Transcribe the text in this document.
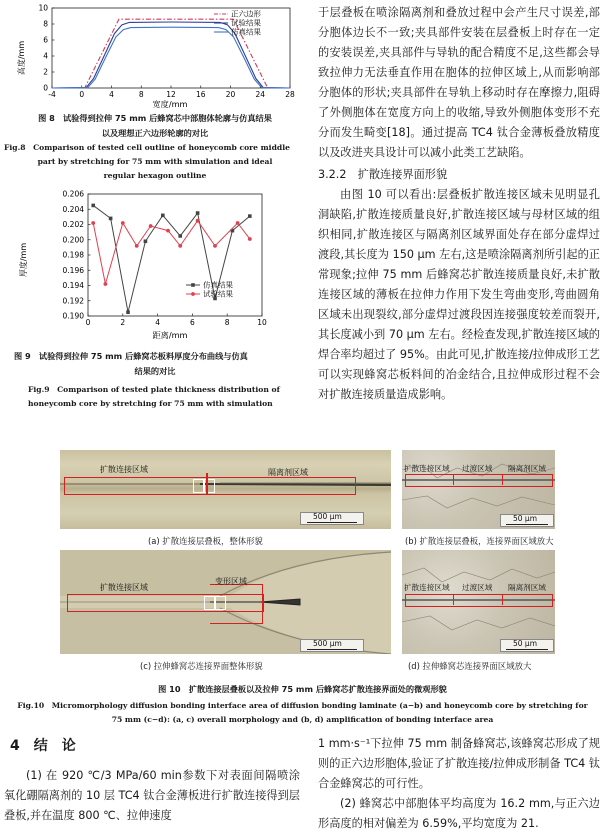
-4	0	4	8	12	16	20	24	28
0
2
4
6
8
10
正六边形
试验结果
仿真结果
高度/mm
宽度/mm
图 8　试验得到拉伸 75 mm 后蜂窝芯中部胞体轮廓与仿真结果
以及理想正六边形轮廓的对比
Fig.8　Comparison of tested cell outline of honeycomb core middle
part by stretching for 75 mm with simulation and ideal
regular hexagon outline
0	2	4	6	8	10
0.190
0.192
0.194
0.196
0.198
0.200
0.202
0.204
0.206
仿真结果
试验结果
厚度/mm
距离/mm
图 9　试验得到拉伸 75 mm 后蜂窝芯板料厚度分布曲线与仿真
结果的对比
Fig.9　Comparison of tested plate thickness distribution of
honeycomb core by stretching for 75 mm with simulation

于层叠板在喷涂隔离剂和叠放过程中会产生尺寸误差,部分胞体边长不一致;夹具部件安装在层叠板上时存在一定的安装误差,夹具部件与导轨的配合精度不足,这些都会导致拉伸力无法垂直作用在胞体的拉伸区域上,从而影响部分胞体的形状;夹具部件在导轨上移动时存在摩擦力,阻碍了外侧胞体在宽度方向上的收缩,导致外侧胞体变形不充分而发生畸变[18]。通过提高 TC4 钛合金薄板叠放精度以及改进夹具设计可以减小此类工艺缺陷。

3.2.2　扩散连接界面形貌

由图 10 可以看出:层叠板扩散连接区域未见明显孔洞缺陷,扩散连接质量良好,扩散连接区域与母材区域的组织相同,扩散连接区与隔离剂区域界面处存在部分虚焊过渡段,其长度为 150 μm 左右,这是喷涂隔离剂所引起的正常现象;拉伸 75 mm 后蜂窝芯扩散连接质量良好,未扩散连接区域的薄板在拉伸力作用下发生弯曲变形,弯曲圆角区域未出现裂纹,部分虚焊过渡段因连接强度较差而裂开,其长度减小到 70 μm 左右。经检查发现,扩散连接区域的焊合率均超过了 95%。由此可见,扩散连接/拉伸成形工艺可以实现蜂窝芯板料间的冶金结合,且拉伸成形过程不会对扩散连接质量造成影响。

扩散连接区域	隔离剂区域
500 μm
(a) 扩散连接层叠板，整体形貌
扩散连接区域 过渡区域 隔离剂区域
50 μm
(b) 扩散连接层叠板，连接界面区域放大
扩散连接区域
变形区域
500 μm
(c) 拉伸蜂窝芯连接界面整体形貌
扩散连接区域 过渡区域 隔离剂区域
50 μm
(d) 拉伸蜂窝芯连接界面区域放大
图 10　扩散连接层叠板以及拉伸 75 mm 后蜂窝芯扩散连接界面处的微观形貌
Fig.10　Micromorphology diffusion bonding interface area of diffusion bonding laminate (a−b) and honeycomb core by stretching for
75 mm (c−d): (a, c) overall morphology and (b, d) amplification of bonding interface area
4　结　论
(1) 在 920 ℃/3 MPa/60 min参数下对表面间隔喷涂氧化硼隔离剂的 10 层 TC4 钛合金薄板进行扩散连接得到层叠板,并在温度 800 ℃、拉伸速度

1 mm·s⁻¹下拉伸 75 mm 制备蜂窝芯,该蜂窝芯形成了规则的正六边形胞体,验证了扩散连接/拉伸成形制备 TC4 钛合金蜂窝芯的可行性。

(2) 蜂窝芯中部胞体平均高度为 16.2 mm,与正六边形高度的相对偏差为 6.59%,平均宽度为 21.
